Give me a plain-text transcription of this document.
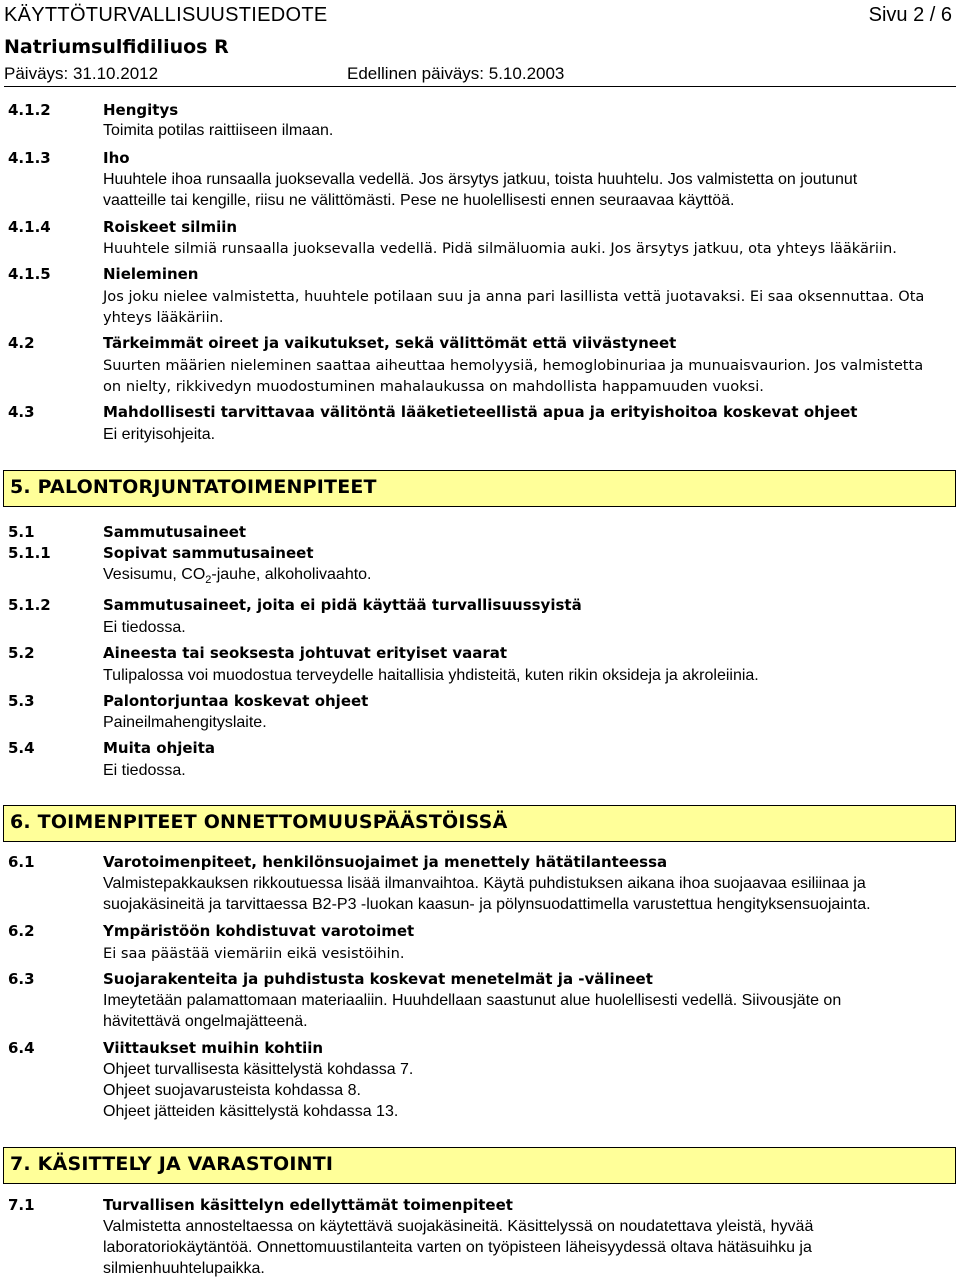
KÄYTTÖTURVALLISUUSTIEDOTE	Sivu 2 / 6
Natriumsulfidiliuos R
Päiväys: 31.10.2012	Edellinen päiväys: 5.10.2003
4.1.2	Hengitys
Toimita potilas raittiiseen ilmaan.
4.1.3	Iho
Huuhtele ihoa runsaalla juoksevalla vedellä. Jos ärsytys jatkuu, toista huuhtelu. Jos valmistetta on joutunut
vaatteille tai kengille, riisu ne välittömästi. Pese ne huolellisesti ennen seuraavaa käyttöä.
4.1.4	Roiskeet silmiin
Huuhtele silmiä runsaalla juoksevalla vedellä. Pidä silmäluomia auki. Jos ärsytys jatkuu, ota yhteys lääkäriin.
4.1.5	Nieleminen
Jos joku nielee valmistetta, huuhtele potilaan suu ja anna pari lasillista vettä juotavaksi. Ei saa oksennuttaa. Ota
yhteys lääkäriin.
4.2	Tärkeimmät oireet ja vaikutukset, sekä välittömät että viivästyneet
Suurten määrien nieleminen saattaa aiheuttaa hemolyysiä, hemoglobinuriaa ja munuaisvaurion. Jos valmistetta
on nielty, rikkivedyn muodostuminen mahalaukussa on mahdollista happamuuden vuoksi.
4.3	Mahdollisesti tarvittavaa välitöntä lääketieteellistä apua ja erityishoitoa koskevat ohjeet
Ei erityisohjeita.
5. PALONTORJUNTATOIMENPITEET
5.1	Sammutusaineet
5.1.1	Sopivat sammutusaineet
Vesisumu, $CO_2$-jauhe, alkoholivaahto.
5.1.2	Sammutusaineet, joita ei pidä käyttää turvallisuussyistä
Ei tiedossa.
5.2	Aineesta tai seoksesta johtuvat erityiset vaarat
Tulipalossa voi muodostua terveydelle haitallisia yhdisteitä, kuten rikin oksideja ja akroleiinia.
5.3	Palontorjuntaa koskevat ohjeet
Paineilmahengityslaite.
5.4	Muita ohjeita
Ei tiedossa.
6. TOIMENPITEET ONNETTOMUUSPÄÄSTÖISSÄ
6.1	Varotoimenpiteet, henkilönsuojaimet ja menettely hätätilanteessa
Valmistepakkauksen rikkoutuessa lisää ilmanvaihtoa. Käytä puhdistuksen aikana ihoa suojaavaa esiliinaa ja
suojakäsineitä ja tarvittaessa B2-P3 -luokan kaasun- ja pölynsuodattimella varustettua hengityksensuojainta.
6.2	Ympäristöön kohdistuvat varotoimet
Ei saa päästää viemäriin eikä vesistöihin.
6.3	Suojarakenteita ja puhdistusta koskevat menetelmät ja -välineet
Imeytetään palamattomaan materiaaliin. Huuhdellaan saastunut alue huolellisesti vedellä. Siivousjäte on
hävitettävä ongelmajätteenä.
6.4	Viittaukset muihin kohtiin
Ohjeet turvallisesta käsittelystä kohdassa 7.
Ohjeet suojavarusteista kohdassa 8.
Ohjeet jätteiden käsittelystä kohdassa 13.
7. KÄSITTELY JA VARASTOINTI
7.1	Turvallisen käsittelyn edellyttämät toimenpiteet
Valmistetta annosteltaessa on käytettävä suojakäsineitä. Käsittelyssä on noudatettava yleistä, hyvää
laboratoriokäytäntöä. Onnettomuustilanteita varten on työpisteen läheisyydessä oltava hätäsuihku ja
silmienhuuhtelupaikka.
